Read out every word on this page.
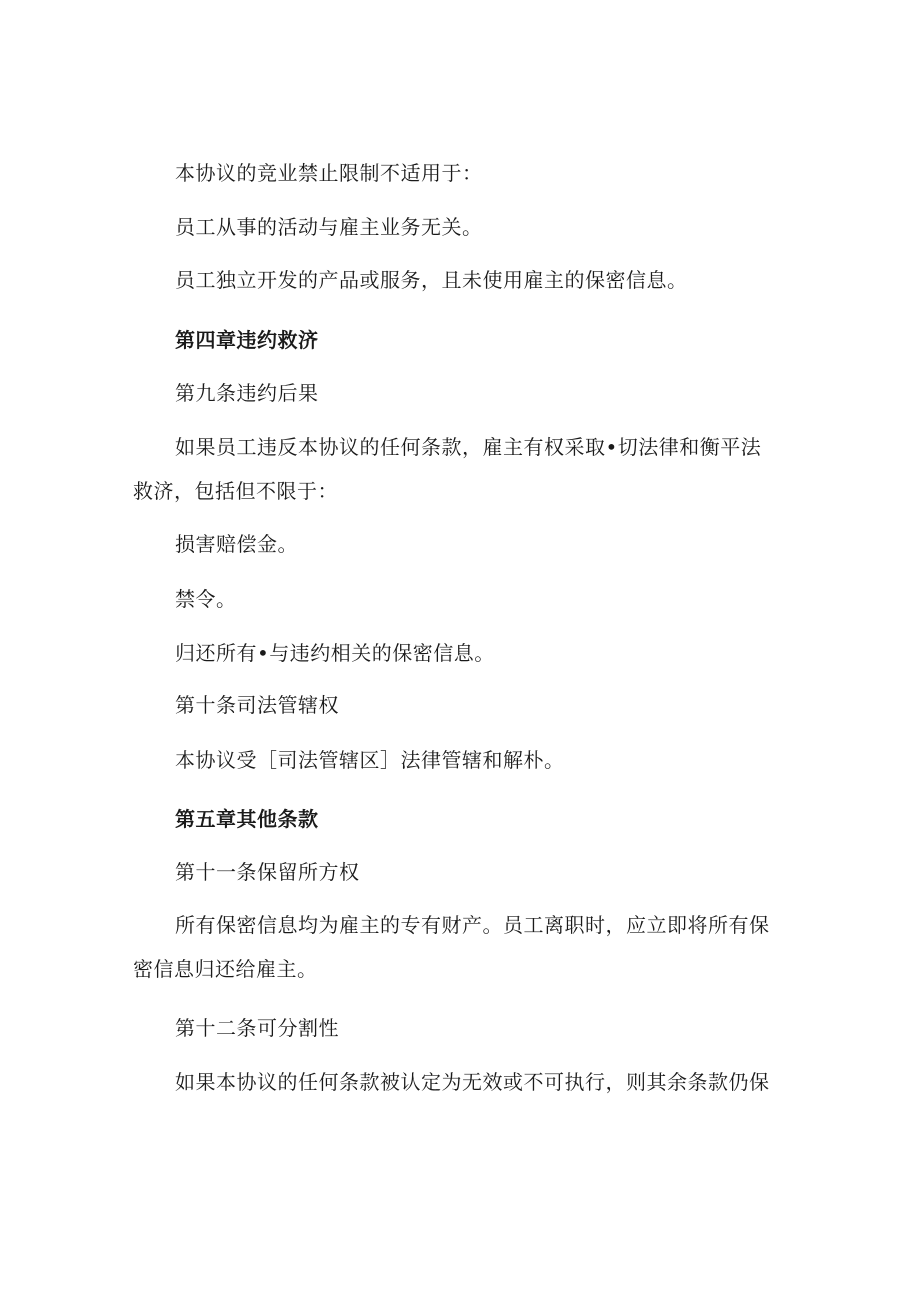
本协议的竞业禁止限制不适用于：

员工从事的活动与雇主业务无关。

员工独立开发的产品或服务，且未使用雇主的保密信息。

第四章违约救济

第九条违约后果

如果员工违反本协议的任何条款，雇主有权采取•切法律和衡平法

救济，包括但不限于：

损害赔偿金。

禁令。

归还所有•与违约相关的保密信息。

第十条司法管辖权

本协议受［司法管辖区］法律管辖和解朴。

第五章其他条款

第十一条保留所方权

所有保密信息均为雇主的专有财产。员工离职时，应立即将所有保

密信息归还给雇主。

第十二条可分割性

如果本协议的任何条款被认定为无效或不可执行，则其余条款仍保
